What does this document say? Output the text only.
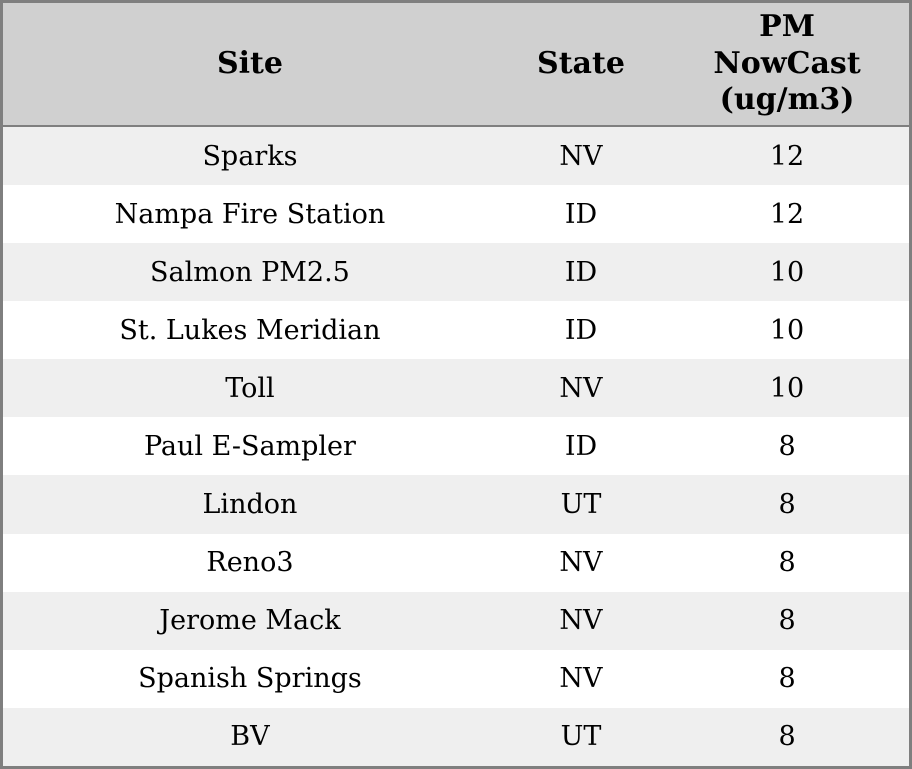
Site	State	PM NowCast (ug/m3)
Sparks	NV	12
Nampa Fire Station	ID	12
Salmon PM2.5	ID	10
St. Lukes Meridian	ID	10
Toll	NV	10
Paul E-Sampler	ID	8
Lindon	UT	8
Reno3	NV	8
Jerome Mack	NV	8
Spanish Springs	NV	8
BV	UT	8
